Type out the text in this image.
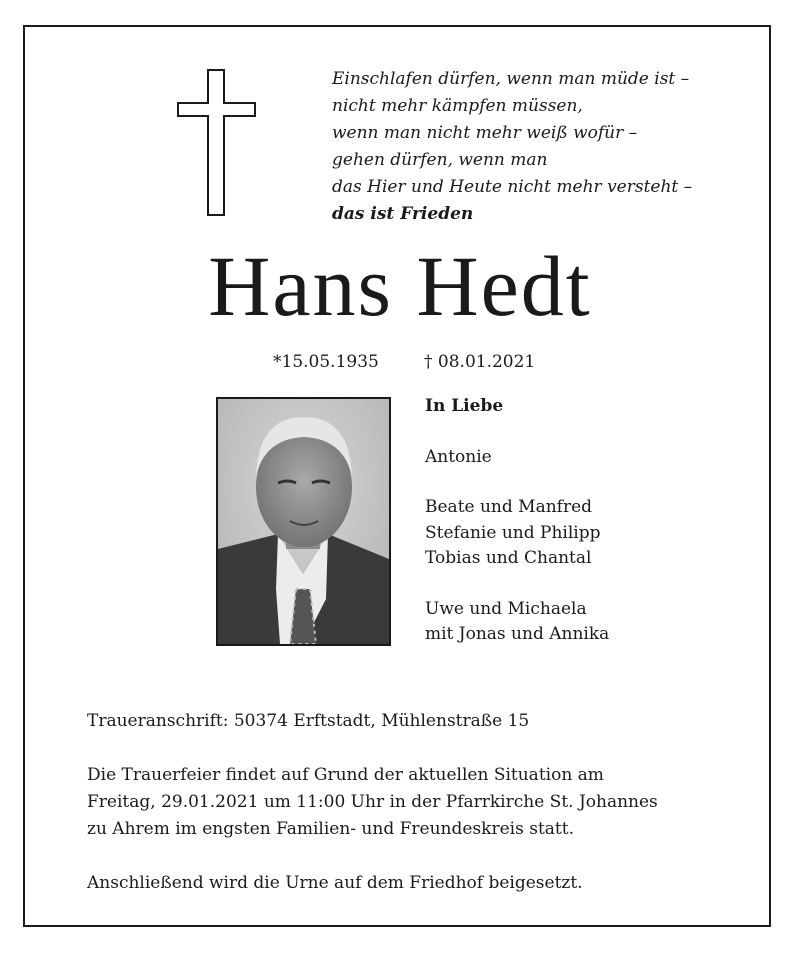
Einschlafen dürfen, wenn man müde ist –
nicht mehr kämpfen müssen,
wenn man nicht mehr weiß wofür –
gehen dürfen, wenn man
das Hier und Heute nicht mehr versteht –
das ist Frieden
Hans Hedt
*15.05.1935	† 08.01.2021
In Liebe
Antonie
Beate und Manfred
Stefanie und Philipp
Tobias und Chantal
Uwe und Michaela
mit Jonas und Annika
Traueranschrift: 50374 Erftstadt, Mühlenstraße 15
Die Trauerfeier findet auf Grund der aktuellen Situation am
Freitag, 29.01.2021 um 11:00 Uhr in der Pfarrkirche St. Johannes
zu Ahrem im engsten Familien- und Freundeskreis statt.
Anschließend wird die Urne auf dem Friedhof beigesetzt.
